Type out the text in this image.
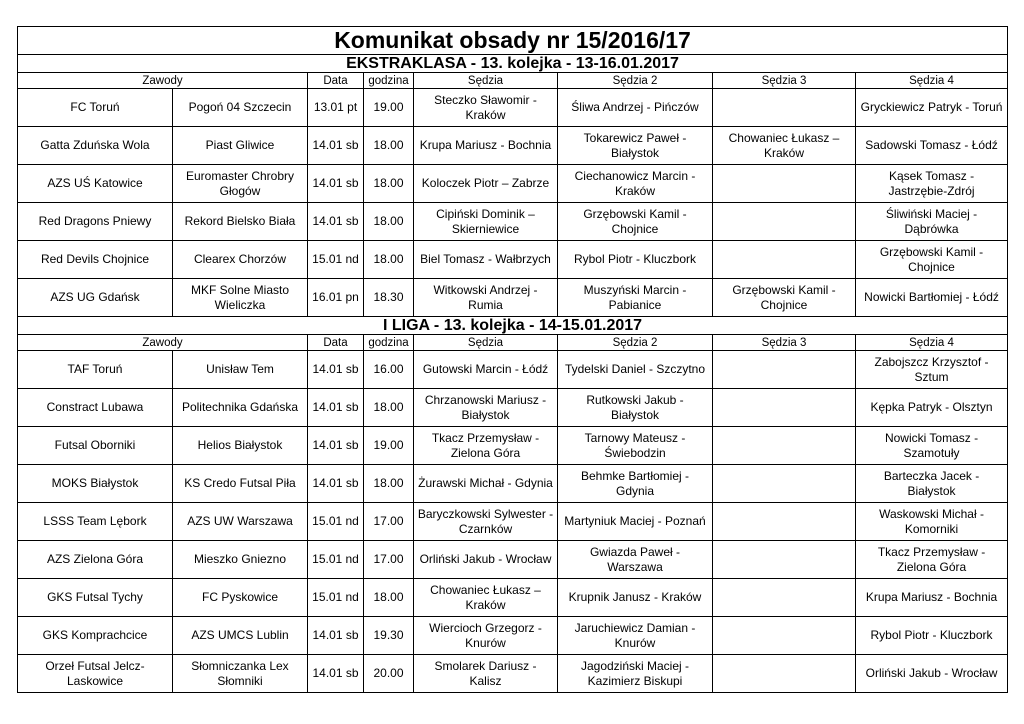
Komunikat obsady nr 15/2016/17							
EKSTRAKLASA - 13. kolejka - 13-16.01.2017							
Zawody		Data	godzina	Sędzia	Sędzia 2	Sędzia 3	Sędzia 4
FC Toruń	Pogoń 04 Szczecin	13.01 pt	19.00	Steczko Sławomir - Kraków	Śliwa Andrzej - Pińczów		Gryckiewicz Patryk - Toruń
Gatta Zduńska Wola	Piast Gliwice	14.01 sb	18.00	Krupa Mariusz - Bochnia	Tokarewicz Paweł - Białystok	Chowaniec Łukasz – Kraków	Sadowski Tomasz - Łódź
AZS UŚ Katowice	Euromaster Chrobry Głogów	14.01 sb	18.00	Koloczek Piotr – Zabrze	Ciechanowicz Marcin - Kraków		Kąsek Tomasz - Jastrzębie-Zdrój
Red Dragons Pniewy	Rekord Bielsko Biała	14.01 sb	18.00	Cipiński Dominik – Skierniewice	Grzębowski Kamil - Chojnice		Śliwiński Maciej - Dąbrówka
Red Devils Chojnice	Clearex Chorzów	15.01 nd	18.00	Biel Tomasz - Wałbrzych	Rybol Piotr - Kluczbork		Grzębowski Kamil - Chojnice
AZS UG Gdańsk	MKF Solne Miasto Wieliczka	16.01 pn	18.30	Witkowski Andrzej - Rumia	Muszyński Marcin - Pabianice	Grzębowski Kamil - Chojnice	Nowicki Bartłomiej - Łódź
I LIGA - 13. kolejka - 14-15.01.2017							
Zawody		Data	godzina	Sędzia	Sędzia 2	Sędzia 3	Sędzia 4
TAF Toruń	Unisław Tem	14.01 sb	16.00	Gutowski Marcin - Łódź	Tydelski Daniel - Szczytno		Zabojszcz Krzysztof - Sztum
Constract Lubawa	Politechnika Gdańska	14.01 sb	18.00	Chrzanowski Mariusz - Białystok	Rutkowski Jakub - Białystok		Kępka Patryk - Olsztyn
Futsal Oborniki	Helios Białystok	14.01 sb	19.00	Tkacz Przemysław - Zielona Góra	Tarnowy Mateusz - Świebodzin		Nowicki Tomasz - Szamotuły
MOKS Białystok	KS Credo Futsal Piła	14.01 sb	18.00	Żurawski Michał - Gdynia	Behmke Bartłomiej - Gdynia		Barteczka Jacek - Białystok
LSSS Team Lębork	AZS UW Warszawa	15.01 nd	17.00	Baryczkowski Sylwester - Czarnków	Martyniuk Maciej - Poznań		Waskowski Michał - Komorniki
AZS Zielona Góra	Mieszko Gniezno	15.01 nd	17.00	Orliński Jakub - Wrocław	Gwiazda Paweł - Warszawa		Tkacz Przemysław - Zielona Góra
GKS Futsal Tychy	FC Pyskowice	15.01 nd	18.00	Chowaniec Łukasz – Kraków	Krupnik Janusz - Kraków		Krupa Mariusz - Bochnia
GKS Komprachcice	AZS UMCS Lublin	14.01 sb	19.30	Wiercioch Grzegorz - Knurów	Jaruchiewicz Damian - Knurów		Rybol Piotr - Kluczbork
Orzeł Futsal Jelcz-Laskowice	Słomniczanka Lex Słomniki	14.01 sb	20.00	Smolarek Dariusz - Kalisz	Jagodziński Maciej - Kazimierz Biskupi		Orliński Jakub - Wrocław
